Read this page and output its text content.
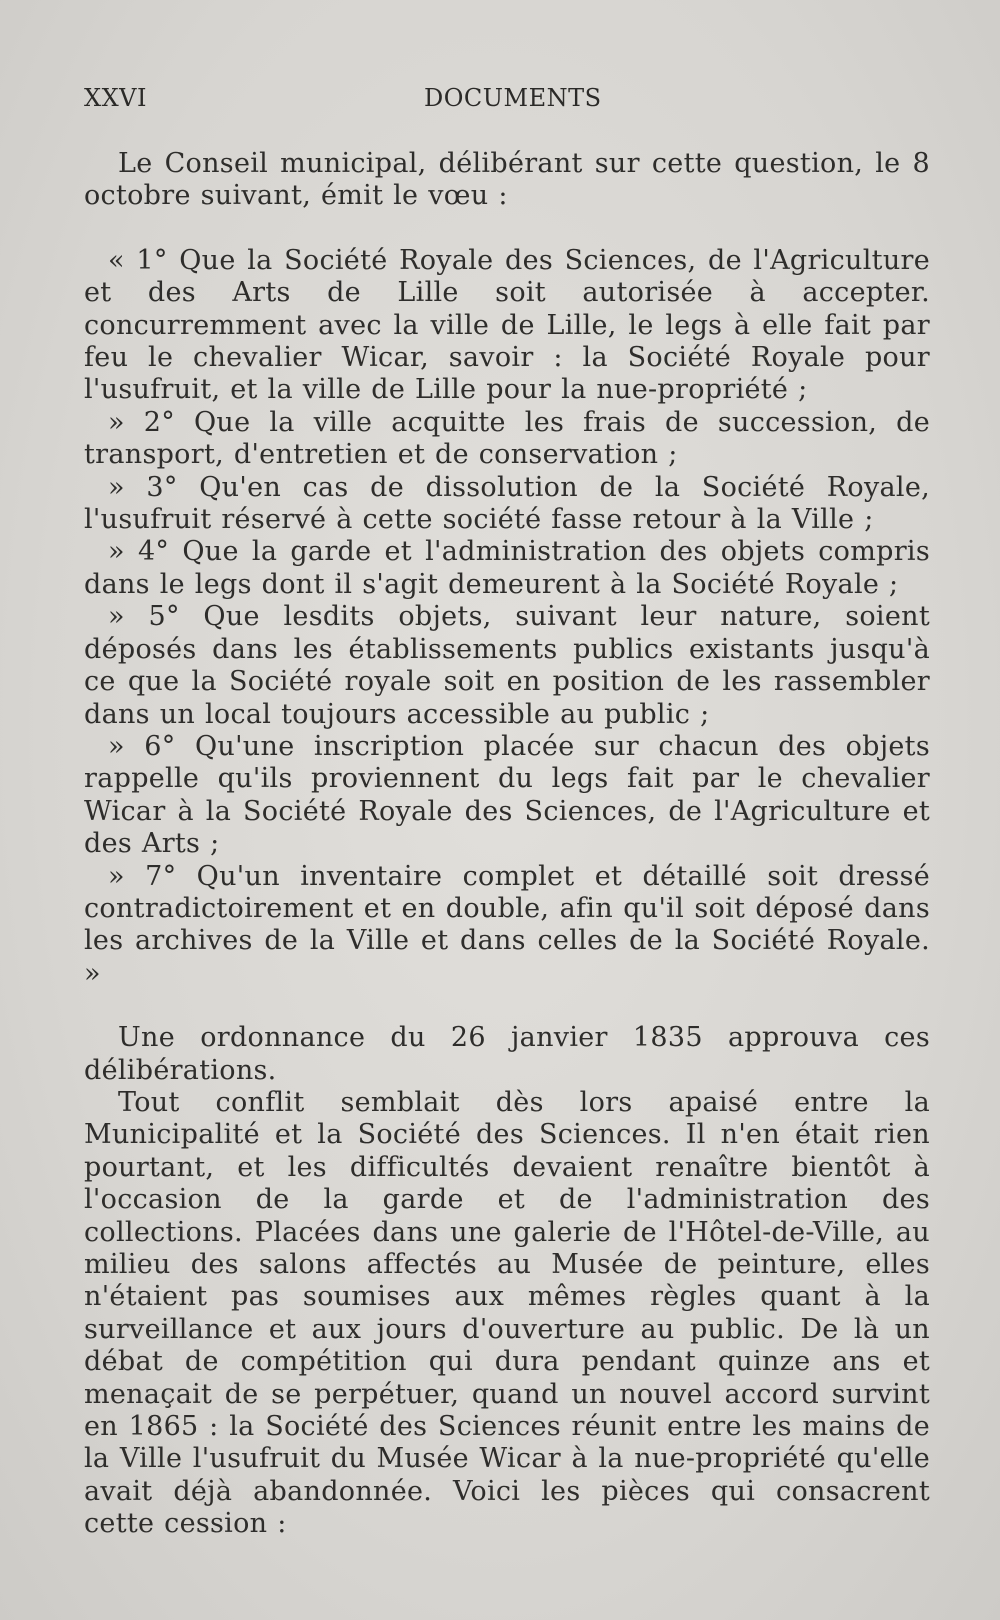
XXVI	DOCUMENTS

Le Conseil municipal, délibérant sur cette question, le 8 octobre suivant, émit le vœu :

« 1° Que la Société Royale des Sciences, de l'Agriculture et des Arts de Lille soit autorisée à accepter. concurremment avec la ville de Lille, le legs à elle fait par feu le chevalier Wicar, savoir : la Société Royale pour l'usufruit, et la ville de Lille pour la nue-propriété ;

» 2° Que la ville acquitte les frais de succession, de transport, d'entretien et de conservation ;

» 3° Qu'en cas de dissolution de la Société Royale, l'usufruit réservé à cette société fasse retour à la Ville ;

» 4° Que la garde et l'administration des objets compris dans le legs dont il s'agit demeurent à la Société Royale ;

» 5° Que lesdits objets, suivant leur nature, soient déposés dans les établissements publics existants jusqu'à ce que la Société royale soit en position de les rassembler dans un local toujours accessible au public ;

» 6° Qu'une inscription placée sur chacun des objets rappelle qu'ils proviennent du legs fait par le chevalier Wicar à la Société Royale des Sciences, de l'Agriculture et des Arts ;

» 7° Qu'un inventaire complet et détaillé soit dressé contradictoirement et en double, afin qu'il soit déposé dans les archives de la Ville et dans celles de la Société Royale. »

Une ordonnance du 26 janvier 1835 approuva ces délibérations.

Tout conflit semblait dès lors apaisé entre la Municipalité et la Société des Sciences. Il n'en était rien pourtant, et les difficultés devaient renaître bientôt à l'occasion de la garde et de l'administration des collections. Placées dans une galerie de l'Hôtel-de-Ville, au milieu des salons affectés au Musée de peinture, elles n'étaient pas soumises aux mêmes règles quant à la surveillance et aux jours d'ouverture au public. De là un débat de compétition qui dura pendant quinze ans et menaçait de se perpétuer, quand un nouvel accord survint en 1865 : la Société des Sciences réunit entre les mains de la Ville l'usufruit du Musée Wicar à la nue-propriété qu'elle avait déjà abandonnée. Voici les pièces qui consacrent cette cession :
